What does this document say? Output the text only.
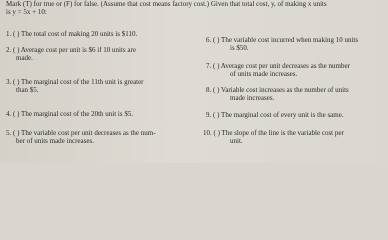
Mark (T) for true or (F) for false. (Assume that cost means factory cost.) Given that total cost, y, of making x units
is y = 5x + 10:
1. ( ) The total cost of making 20 units is $110.
2. ( ) Average cost per unit is $6 if 10 units are
made.
3. ( ) The marginal cost of the 11th unit is greater
than $5.
4. ( ) The marginal cost of the 20th unit is $5.
5. ( ) The variable cost per unit decreases as the num-
ber of units made increases.
6. ( ) The variable cost incurred when making 10 units
is $50.
7. ( ) Average cost per unit decreases as the number
of units made increases.
8. ( ) Variable cost increases as the number of units
made increases.
9. ( ) The marginal cost of every unit is the same.
10. ( ) The slope of the line is the variable cost per
unit.
